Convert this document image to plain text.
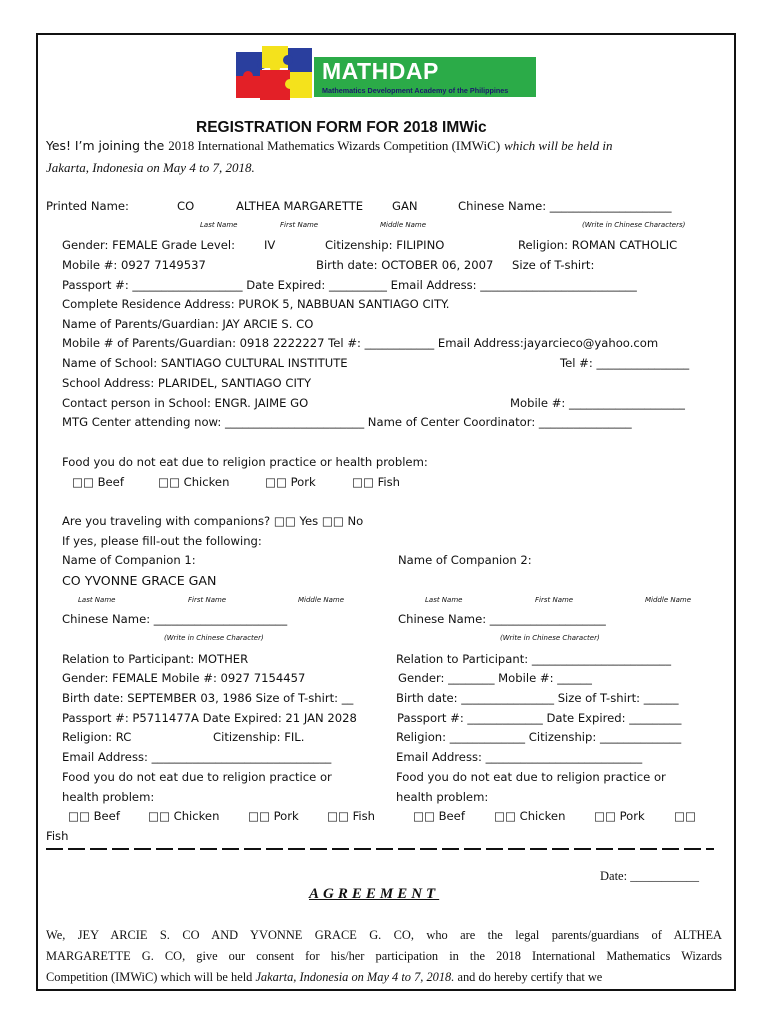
MATHDAP
Mathematics Development Academy of the Philippines
REGISTRATION FORM FOR 2018 IMWic
Yes! I’m joining the 2018 International Mathematics Wizards Competition (IMWiC) which will be held in
Jakarta, Indonesia on May 4 to 7, 2018.
Printed Name:	CO	ALTHEA MARGARETTE GAN	Chinese Name: _____________________
Last Name	First Name	Middle Name	(Write in Chinese Characters)
Gender: FEMALE Grade Level: IV	Citizenship: FILIPINO	Religion: ROMAN CATHOLIC
Mobile #: 0927 7149537	Birth date: OCTOBER 06, 2007 Size of T-shirt:
Passport #: ___________________ Date Expired: __________ Email Address: ___________________________
Complete Residence Address: PUROK 5, NABBUAN SANTIAGO CITY.
Name of Parents/Guardian: JAY ARCIE S. CO
Mobile # of Parents/Guardian: 0918 2222227 Tel #: ____________ Email Address:jayarcieco@yahoo.com
Name of School: SANTIAGO CULTURAL INSTITUTE	Tel #: ________________
School Address: PLARIDEL, SANTIAGO CITY
Contact person in School: ENGR. JAIME GO	Mobile #: ____________________
MTG Center attending now: ________________________ Name of Center Coordinator: ________________
Food you do not eat due to religion practice or health problem:
□□ Beef	□□ Chicken	□□ Pork	□□ Fish
Are you traveling with companions? □□ Yes □□ No
If yes, please fill-out the following:
Name of Companion 1:	Name of Companion 2:
CO YVONNE GRACE GAN
Last Name	First Name	Middle Name	Last Name	First Name	Middle Name
Chinese Name: _______________________	Chinese Name: ____________________
(Write in Chinese Character)	(Write in Chinese Character)
Relation to Participant: MOTHER	Relation to Participant: ________________________
Gender: FEMALE Mobile #: 0927 7154457	Gender: ________ Mobile #: ______
Birth date: SEPTEMBER 03, 1986 Size of T-shirt: __	Birth date: ________________ Size of T-shirt: ______
Passport #: P5711477A Date Expired: 21 JAN 2028	Passport #: _____________ Date Expired: _________
Religion: RC	Citizenship: FIL.	Religion: _____________ Citizenship: ______________
Email Address: _______________________________	Email Address: ___________________________
Food you do not eat due to religion practice or	Food you do not eat due to religion practice or
health problem:	health problem:
□□ Beef □□ Chicken □□ Pork □□ Fish	□□ Beef	□□ Chicken □□ Pork	□□
Fish
Date: ___________
AGREEMENT
We, JEY ARCIE S. CO AND YVONNE GRACE G. CO, who are the legal parents/guardians of ALTHEA
MARGARETTE G. CO, give our consent for his/her participation in the 2018 International Mathematics Wizards
Competition (IMWiC) which will be held Jakarta, Indonesia on May 4 to 7, 2018. and do hereby certify that we
